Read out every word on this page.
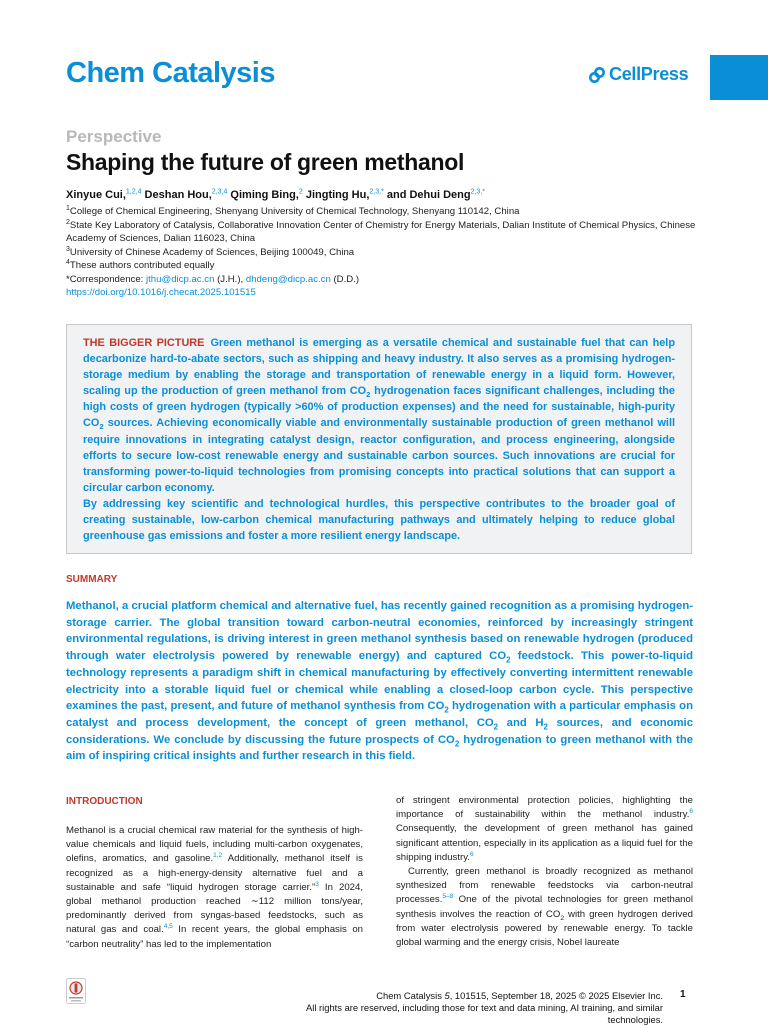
Chem Catalysis	CellPress

Perspective

Shaping the future of green methanol
Xinyue Cui,$^{1,2,4}$ Deshan Hou,$^{2,3,4}$ Qiming Bing,$^2$ Jingting Hu,$^{2,3,*}$ and Dehui Deng$^{2,3,*}$

$^1$College of Chemical Engineering, Shenyang University of Chemical Technology, Shenyang 110142, China

$^2$State Key Laboratory of Catalysis, Collaborative Innovation Center of Chemistry for Energy Materials, Dalian Institute of Chemical Physics, Chinese Academy of Sciences, Dalian 116023, China

$^3$University of Chinese Academy of Sciences, Beijing 100049, China

$^4$These authors contributed equally

*Correspondence: jthu@dicp.ac.cn (J.H.), dhdeng@dicp.ac.cn (D.D.)

https://doi.org/10.1016/j.checat.2025.101515

THE BIGGER PICTURE Green methanol is emerging as a versatile chemical and sustainable fuel that can help decarbonize hard-to-abate sectors, such as shipping and heavy industry. It also serves as a promising hydrogen-storage medium by enabling the storage and transportation of renewable energy in a liquid form. However, scaling up the production of green methanol from $CO_2$ hydrogenation faces significant challenges, including the high costs of green hydrogen (typically >60% of production expenses) and the need for sustainable, high-purity $CO_2$ sources. Achieving economically viable and environmentally sustainable production of green methanol will require innovations in integrating catalyst design, reactor configuration, and process engineering, alongside efforts to secure low-cost renewable energy and sustainable carbon sources. Such innovations are crucial for transforming power-to-liquid technologies from promising concepts into practical solutions that can support a circular carbon economy.

By addressing key scientific and technological hurdles, this perspective contributes to the broader goal of creating sustainable, low-carbon chemical manufacturing pathways and ultimately helping to reduce global greenhouse gas emissions and foster a more resilient energy landscape.

SUMMARY

Methanol, a crucial platform chemical and alternative fuel, has recently gained recognition as a promising hydrogen-storage carrier. The global transition toward carbon-neutral economies, reinforced by increasingly stringent environmental regulations, is driving interest in green methanol synthesis based on renewable hydrogen (produced through water electrolysis powered by renewable energy) and captured $CO_2$ feedstock. This power-to-liquid technology represents a paradigm shift in chemical manufacturing by effectively converting intermittent renewable electricity into a storable liquid fuel or chemical while enabling a closed-loop carbon cycle. This perspective examines the past, present, and future of methanol synthesis from $CO_2$ hydrogenation with a particular emphasis on catalyst and process development, the concept of green methanol, $CO_2$ and $H_2$ sources, and economic considerations. We conclude by discussing the future prospects of $CO_2$ hydrogenation to green methanol with the aim of inspiring critical insights and further research in this field.

INTRODUCTION

Methanol is a crucial chemical raw material for the synthesis of high-value chemicals and liquid fuels, including multi-carbon oxygenates, olefins, aromatics, and gasoline.$^{1,2}$ Additionally, methanol itself is recognized as a high-energy-density alternative fuel and a sustainable and safe “liquid hydrogen storage carrier.”$^3$ In 2024, global methanol production reached ∼112 million tons/year, predominantly derived from syngas-based feedstocks, such as natural gas and coal.$^{4,5}$ In recent years, the global emphasis on “carbon neutrality” has led to the implementation

of stringent environmental protection policies, highlighting the importance of sustainability within the methanol industry.$^6$ Consequently, the development of green methanol has gained significant attention, especially in its application as a liquid fuel for the shipping industry.$^6$

Currently, green methanol is broadly recognized as methanol synthesized from renewable feedstocks via carbon-neutral processes.$^{5-8}$ One of the pivotal technologies for green methanol synthesis involves the reaction of $CO_2$ with green hydrogen derived from water electrolysis powered by renewable energy. To tackle global warming and the energy crisis, Nobel laureate

Chem Catalysis 5, 101515, September 18, 2025 © 2025 Elsevier Inc.
All rights are reserved, including those for text and data mining, AI training, and similar technologies.
1
